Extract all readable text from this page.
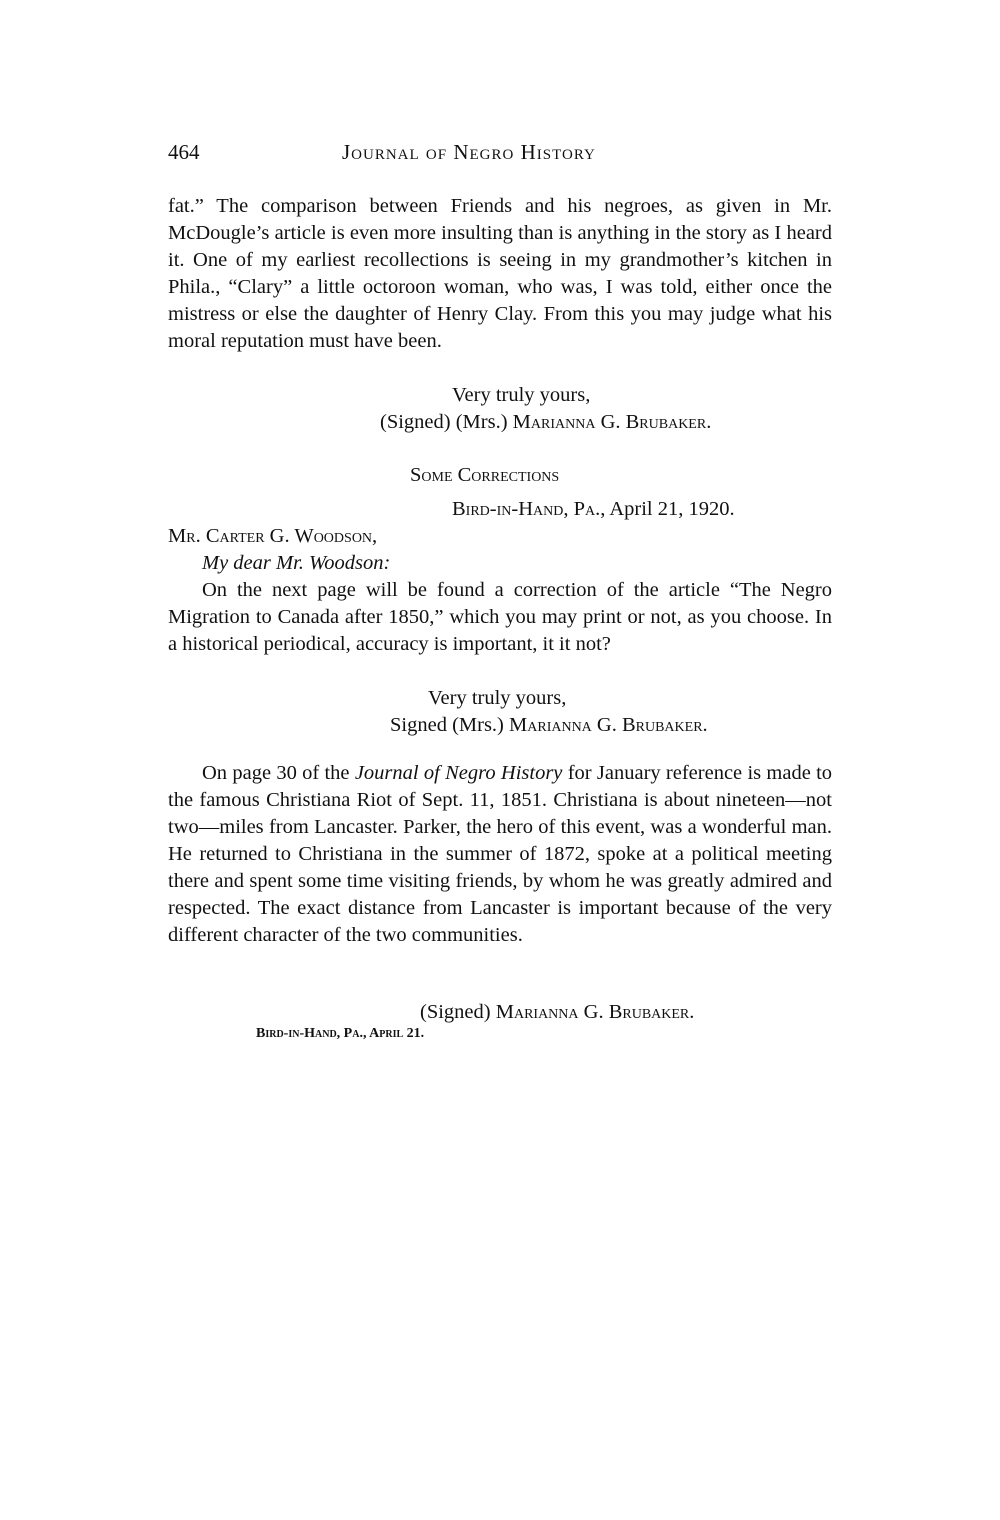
464	Journal of Negro History

fat.” The comparison between Friends and his negroes, as given in Mr. McDougle’s article is even more insulting than is anything in the story as I heard it. One of my earliest recollections is seeing in my grandmother’s kitchen in Phila., “Clary” a little octoroon woman, who was, I was told, either once the mistress or else the daughter of Henry Clay. From this you may judge what his moral reputation must have been.

Very truly yours,
(Signed) (Mrs.) Marianna G. Brubaker.
Some Corrections
Bird-in-Hand, Pa., April 21, 1920.
Mr. Carter G. Woodson,
My dear Mr. Woodson:

On the next page will be found a correction of the article “The Negro Migration to Canada after 1850,” which you may print or not, as you choose. In a historical periodical, accuracy is important, it it not?

Very truly yours,
Signed (Mrs.) Marianna G. Brubaker.

On page 30 of the Journal of Negro History for January reference is made to the famous Christiana Riot of Sept. 11, 1851. Christiana is about nineteen—not two—miles from Lancaster. Parker, the hero of this event, was a wonderful man. He returned to Christiana in the summer of 1872, spoke at a political meeting there and spent some time visiting friends, by whom he was greatly admired and respected. The exact distance from Lancaster is important because of the very different character of the two communities.

(Signed) Marianna G. Brubaker.
Bird-in-Hand, Pa., April 21.
